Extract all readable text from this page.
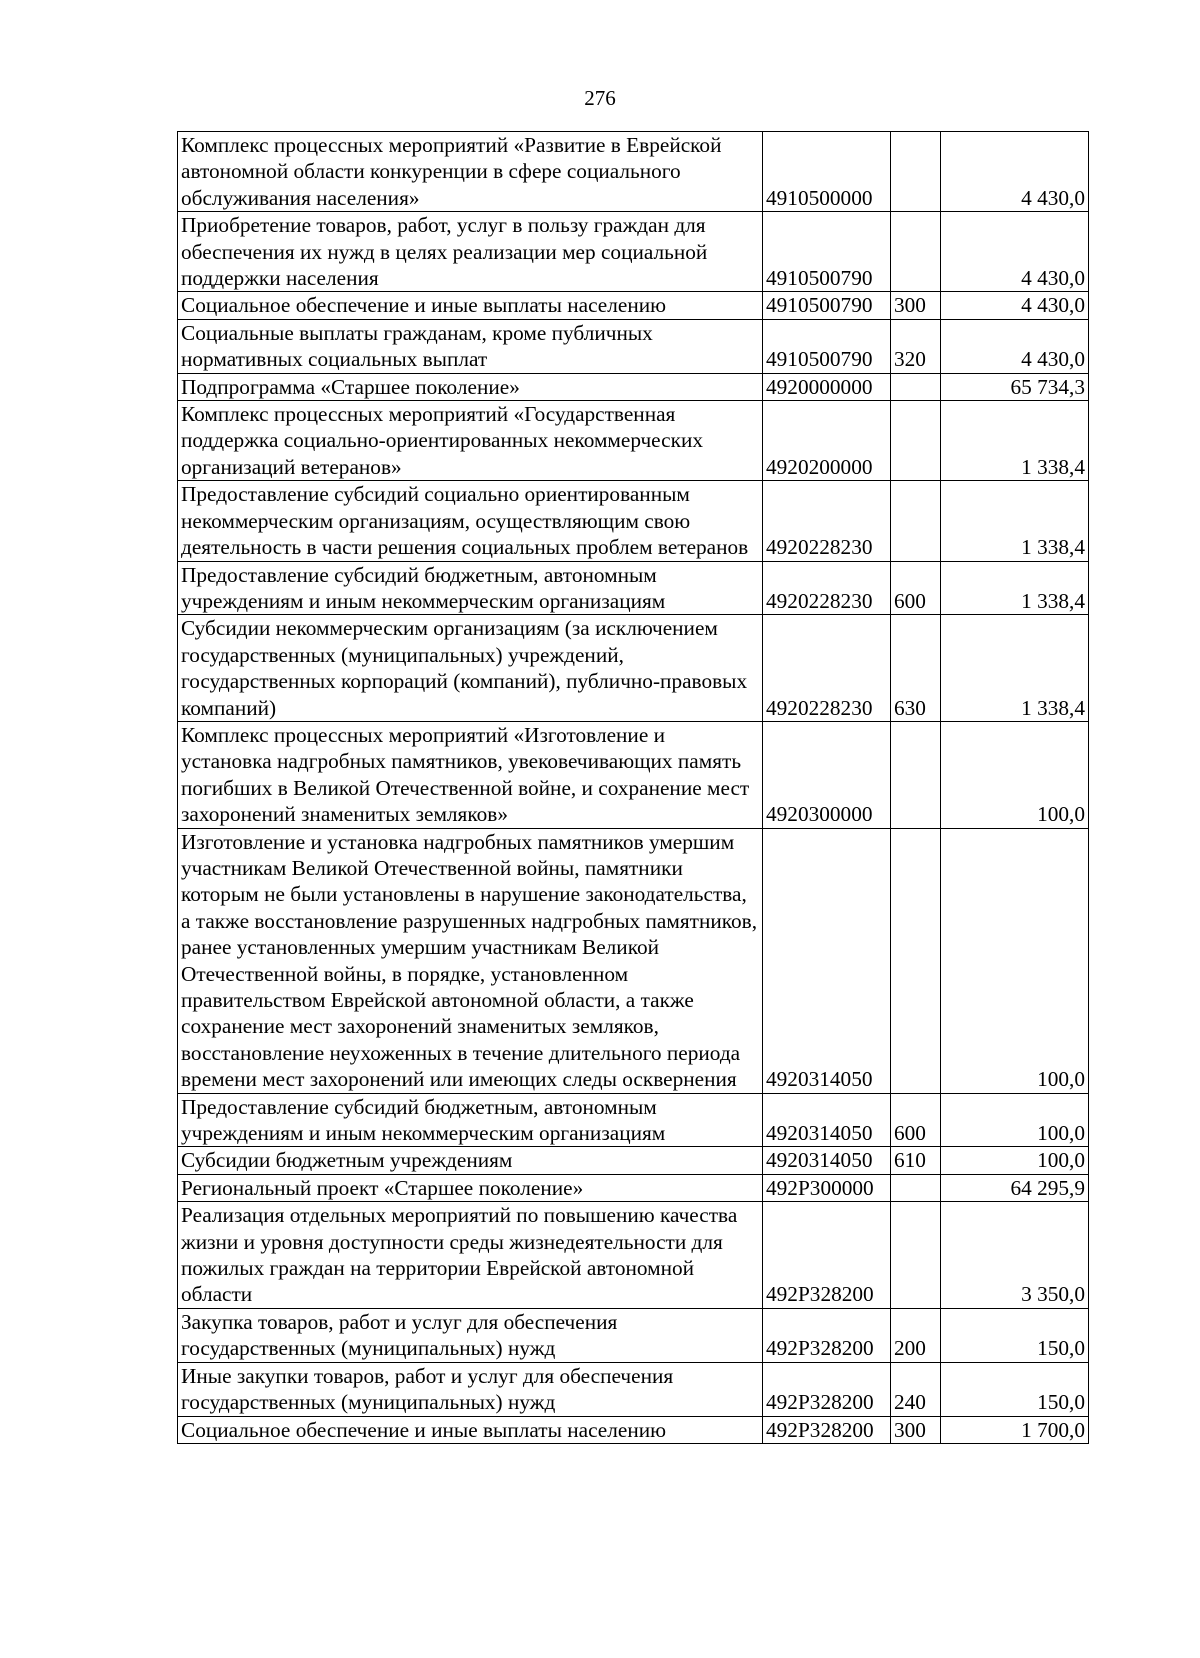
276
Комплекс процессных мероприятий «Развитие в Еврейской автономной области конкуренции в сфере социального обслуживания населения»	4910500000		4 430,0
Приобретение товаров, работ, услуг в пользу граждан для обеспечения их нужд в целях реализации мер социальной поддержки населения	4910500790		4 430,0
Социальное обеспечение и иные выплаты населению	4910500790	300	4 430,0
Социальные выплаты гражданам, кроме публичных нормативных социальных выплат	4910500790	320	4 430,0
Подпрограмма «Старшее поколение»	4920000000		65 734,3
Комплекс процессных мероприятий «Государственная поддержка социально-ориентированных некоммерческих организаций ветеранов»	4920200000		1 338,4
Предоставление субсидий социально ориентированным некоммерческим организациям, осуществляющим свою деятельность в части решения социальных проблем ветеранов	4920228230		1 338,4
Предоставление субсидий бюджетным, автономным учреждениям и иным некоммерческим организациям	4920228230	600	1 338,4
Субсидии некоммерческим организациям (за исключением государственных (муниципальных) учреждений, государственных корпораций (компаний), публично-правовых компаний)	4920228230	630	1 338,4
Комплекс процессных мероприятий «Изготовление и установка надгробных памятников, увековечивающих память погибших в Великой Отечественной войне, и сохранение мест захоронений знаменитых земляков»	4920300000		100,0
Изготовление и установка надгробных памятников умершим участникам Великой Отечественной войны, памятники которым не были установлены в нарушение законодательства, а также восстановление разрушенных надгробных памятников, ранее установленных умершим участникам Великой Отечественной войны, в порядке, установленном правительством Еврейской автономной области, а также сохранение мест захоронений знаменитых земляков, восстановление неухоженных в течение длительного периода времени мест захоронений или имеющих следы осквернения	4920314050		100,0
Предоставление субсидий бюджетным, автономным учреждениям и иным некоммерческим организациям	4920314050	600	100,0
Субсидии бюджетным учреждениям	4920314050	610	100,0
Региональный проект «Старшее поколение»	492P300000		64 295,9
Реализация отдельных мероприятий по повышению качества жизни и уровня доступности среды жизнедеятельности для пожилых граждан на территории Еврейской автономной области	492P328200		3 350,0
Закупка товаров, работ и услуг для обеспечения государственных (муниципальных) нужд	492P328200	200	150,0
Иные закупки товаров, работ и услуг для обеспечения государственных (муниципальных) нужд	492P328200	240	150,0
Социальное обеспечение и иные выплаты населению	492P328200	300	1 700,0
